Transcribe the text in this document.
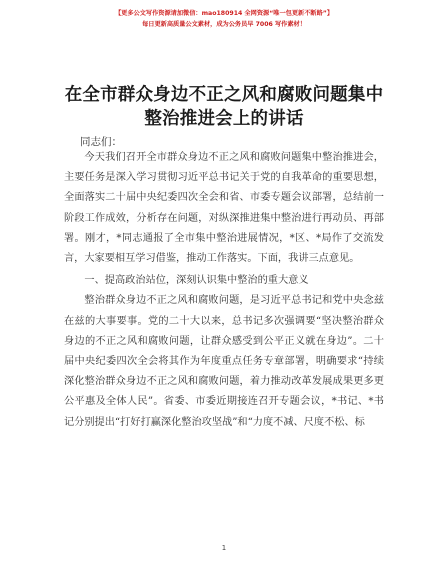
【更多公文写作资源请加微信：mao180914 全网资源“唯一包更新不断路”】
每日更新高质量公文素材，成为公务员早 7006 写作素材！
在全市群众身边不正之风和腐败问题集中整治推进会上的讲话
同志们：

今天我们召开全市群众身边不正之风和腐败问题集中整治推进会，主要任务是深入学习贯彻习近平总书记关于党的自我革命的重要思想，全面落实二十届中央纪委四次全会和省、市委专题会议部署，总结前一阶段工作成效，分析存在问题，对纵深推进集中整治进行再动员、再部署。刚才，*同志通报了全市集中整治进展情况，*区、*局作了交流发言，大家要相互学习借鉴，推动工作落实。下面，我讲三点意见。

一、提高政治站位，深刻认识集中整治的重大意义

整治群众身边不正之风和腐败问题，是习近平总书记和党中央念兹在兹的大事要事。党的二十大以来，总书记多次强调要“坚决整治群众身边的不正之风和腐败问题，让群众感受到公平正义就在身边”。二十届中央纪委四次全会将其作为年度重点任务专章部署，明确要求“持续深化整治群众身边不正之风和腐败问题，着力推动改革发展成果更多更公平惠及全体人民”。省委、市委近期接连召开专题会议，*书记、*书记分别提出“打好打赢深化整治攻坚战”和“力度不减、尺度不松、标

1
